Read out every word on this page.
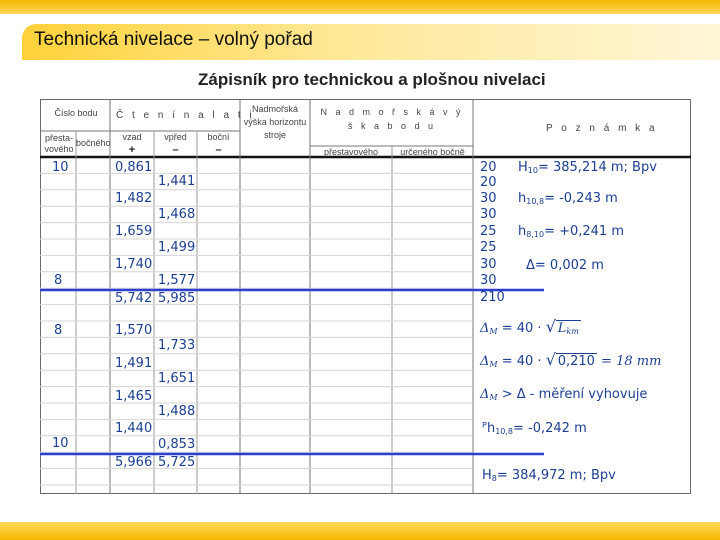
Technická nivelace – volný pořad
Zápisník pro technickou a plošnou nivelaci
Číslo bodu
přesta-vového
bočného
Č t e n í n a l a t i
vzad
+
vpřed
–
boční
–
Nadmořská výška horizontu stroje
N a d m o ř s k á v ý š k a b o d u
přestavového	určeného bočně
P o z n á m k a
10
8
8
10
0,861
1,482
1,659
1,740
5,742
1,570
1,491
1,465
1,440
5,966
1,441
1,468
1,499
1,577
5,985
1,733
1,651
1,488
0,853
5,725
20
20
30
30
25
25
30
30
210
$H_{10}= 385,214$ m; Bpv
$h_{10,8}= -0,243$ m
$h_{8,10}= +0,241$ m
Δ= 0,002 m
$\Delta_M = 40$ · √ $L_{km}$
$\Delta_M = 40$ · √ 0,210 = 18 mm
$\Delta_M > \Delta$ - měření vyhovuje
ᴾh$_{10,8}$= -0,242 m
$H_8= 384,972$ m; Bpv
